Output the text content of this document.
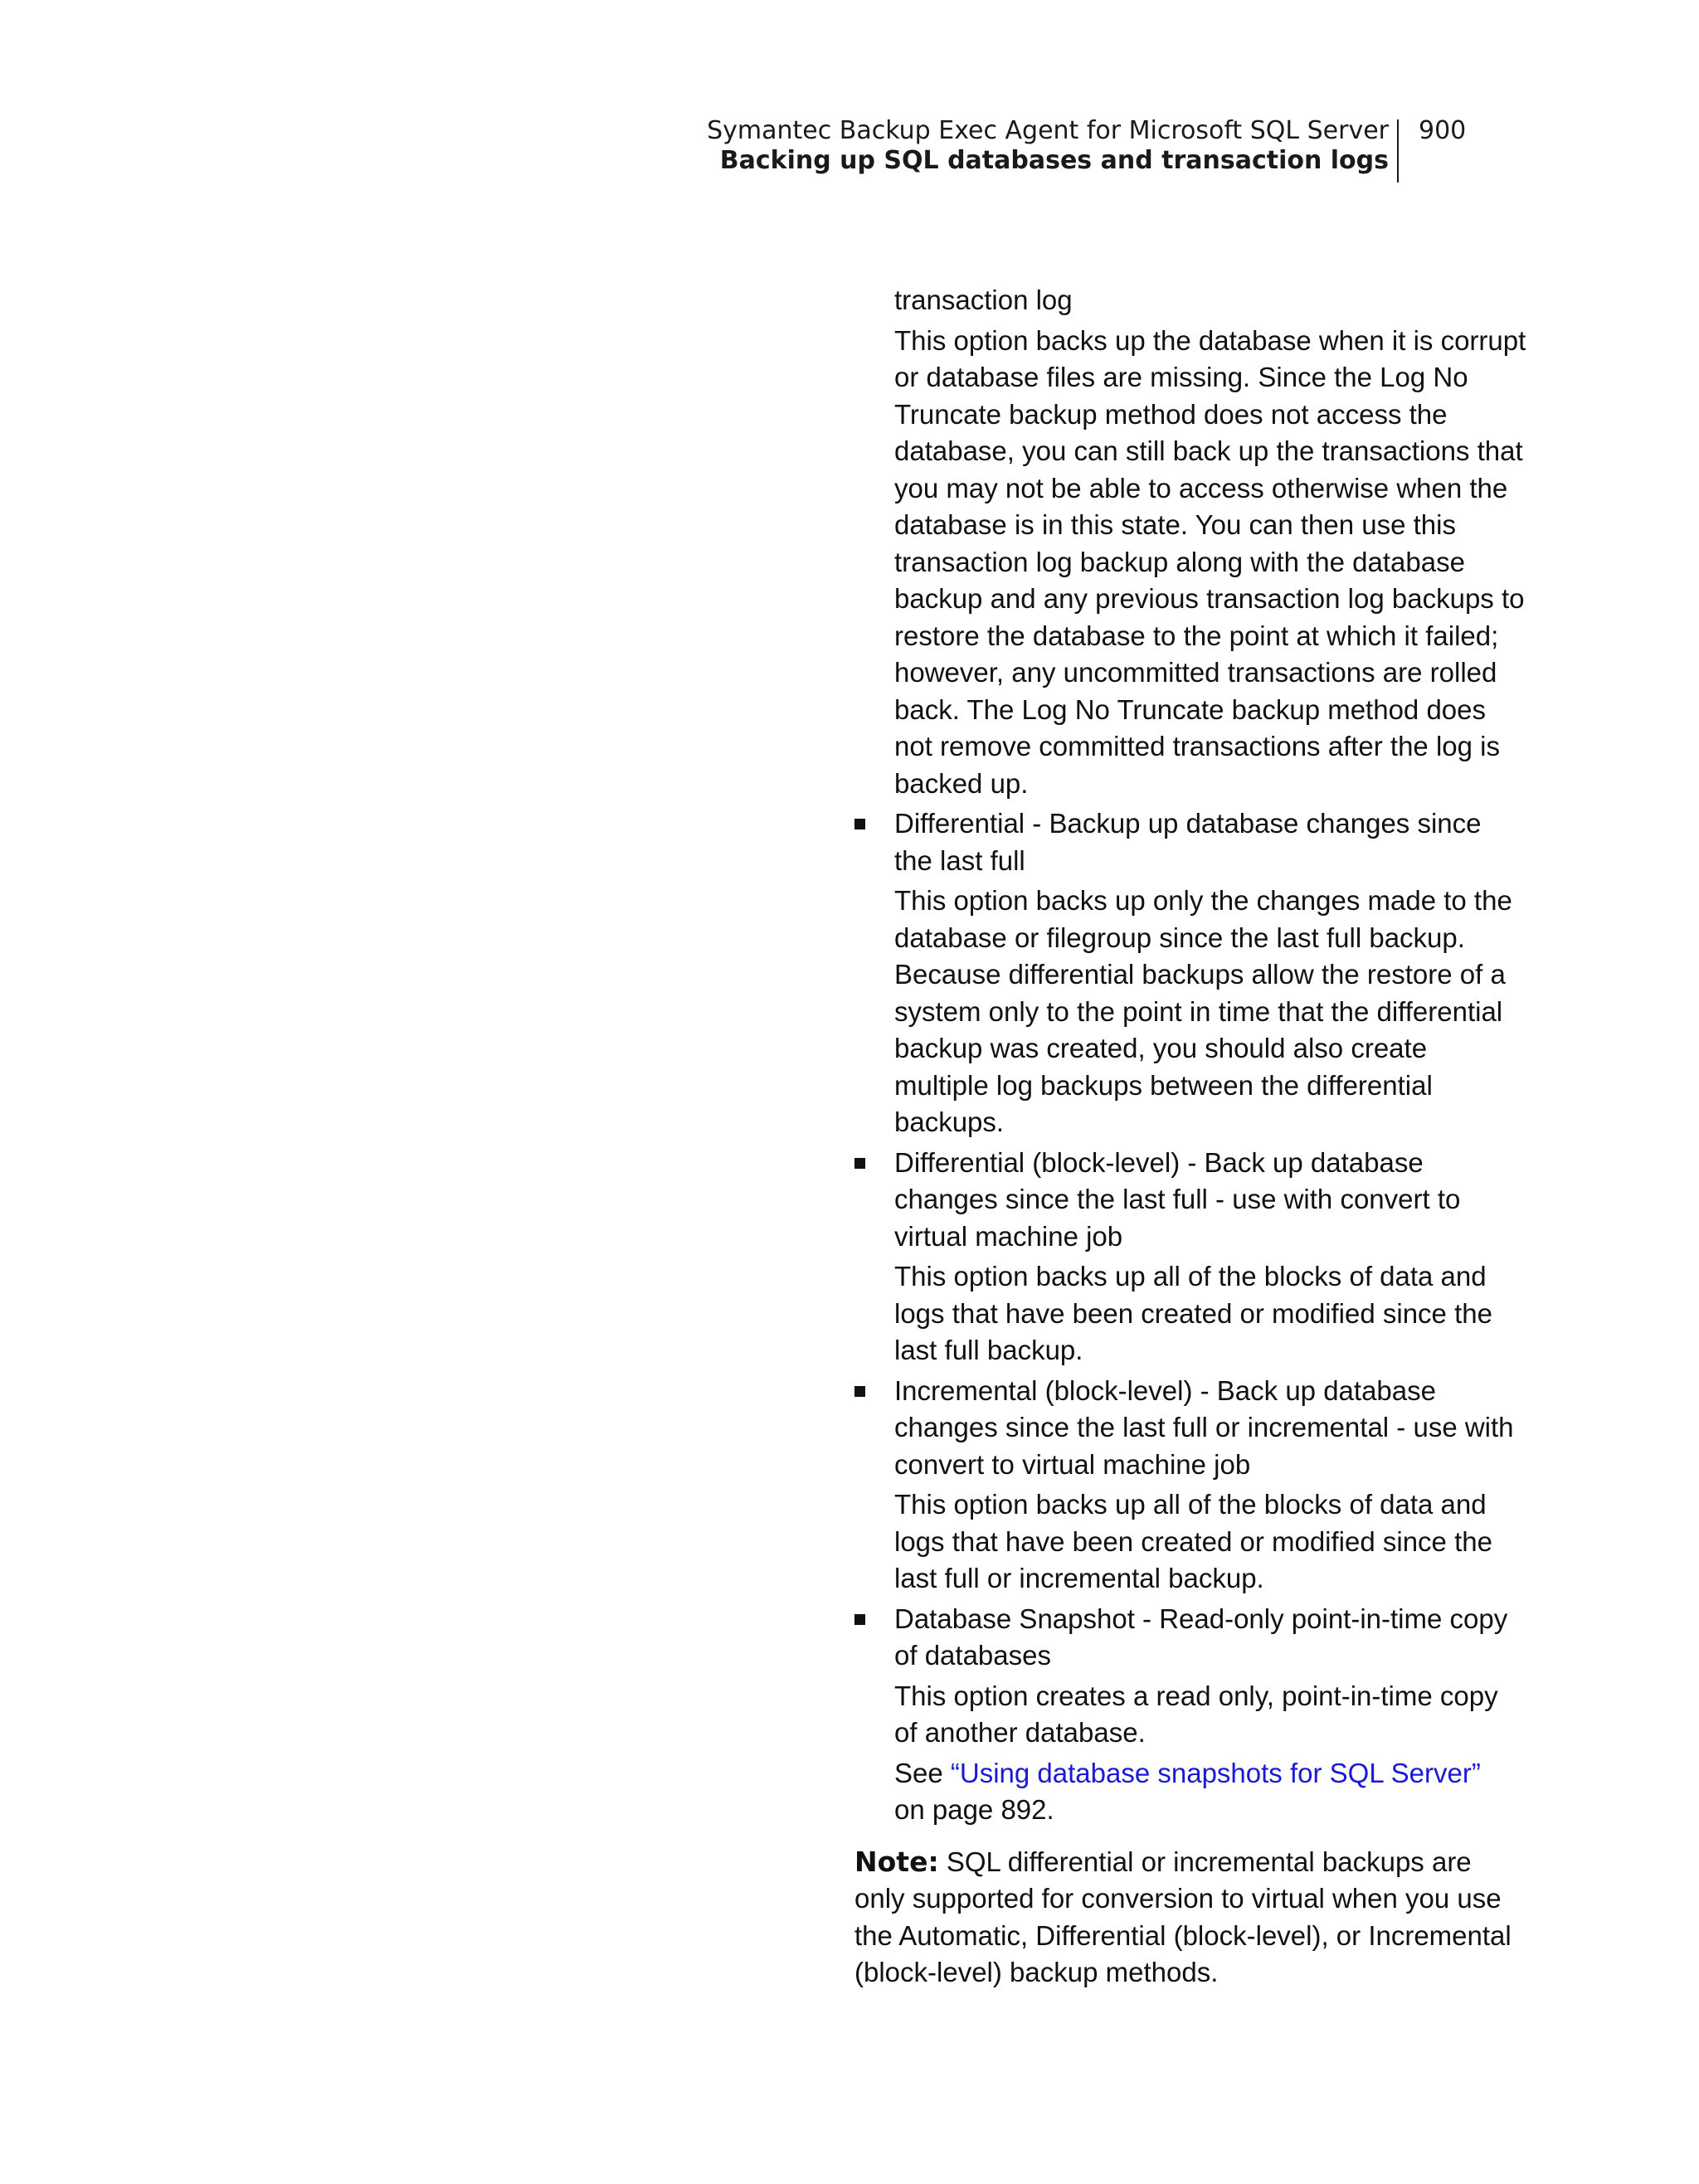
Symantec Backup Exec Agent for Microsoft SQL Server
Backing up SQL databases and transaction logs
900
transaction log
This option backs up the database when it is corrupt or database files are missing. Since the Log No Truncate backup method does not access the database, you can still back up the transactions that you may not be able to access otherwise when the database is in this state. You can then use this transaction log backup along with the database backup and any previous transaction log backups to restore the database to the point at which it failed; however, any uncommitted transactions are rolled back. The Log No Truncate backup method does not remove committed transactions after the log is backed up.
Differential - Backup up database changes since the last full
This option backs up only the changes made to the database or filegroup since the last full backup. Because differential backups allow the restore of a system only to the point in time that the differential backup was created, you should also create multiple log backups between the differential backups.
Differential (block-level) - Back up database changes since the last full - use with convert to virtual machine job
This option backs up all of the blocks of data and logs that have been created or modified since the last full backup.
Incremental (block-level) - Back up database changes since the last full or incremental - use with convert to virtual machine job
This option backs up all of the blocks of data and logs that have been created or modified since the last full or incremental backup.
Database Snapshot - Read-only point-in-time copy of databases
This option creates a read only, point-in-time copy of another database.
See “Using database snapshots for SQL Server”
on page 892.
Note: SQL differential or incremental backups are only supported for conversion to virtual when you use the Automatic, Differential (block-level), or Incremental (block-level) backup methods.
